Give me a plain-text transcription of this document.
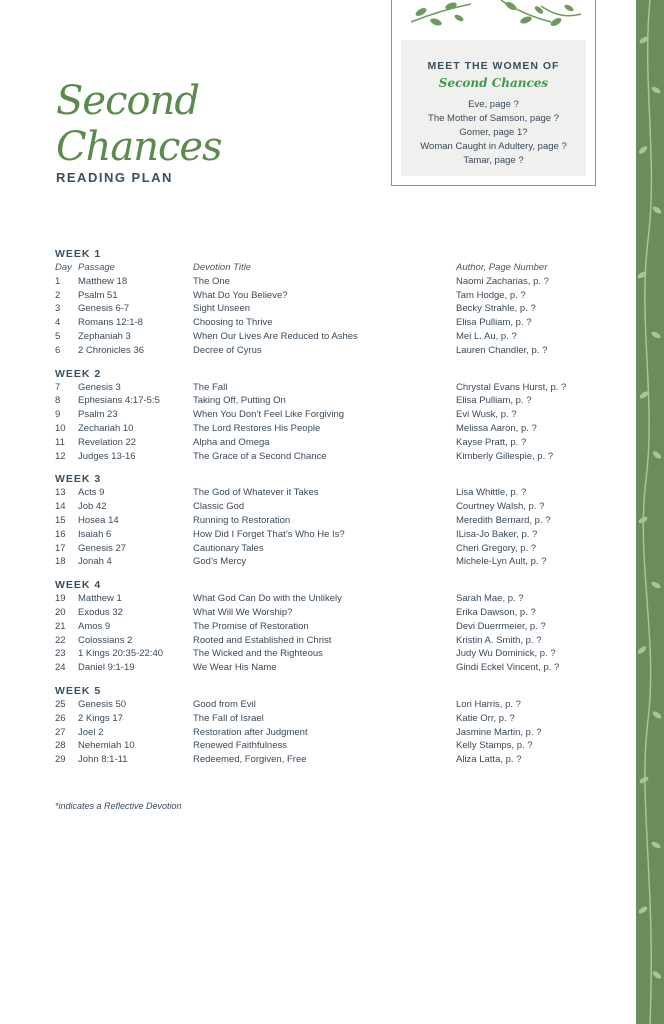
Second
Chances
READING PLAN
MEET THE WOMEN OF
Second Chances
Eve, page ?
The Mother of Samson, page ?
Gomer, page 1?
Woman Caught in Adultery, page ?
Tamar, page ?
WEEK 1
Day Passage	Devotion Title	Author, Page Number
1 Matthew 18	The One	Naomi Zacharias, p. ?
2 Psalm 51	What Do You Believe?	Tam Hodge, p. ?
3 Genesis 6-7	Sight Unseen	Becky Strahle, p. ?
4 Romans 12:1-8	Choosing to Thrive	Elisa Pulliam, p. ?
5 Zephaniah 3	When Our Lives Are Reduced to Ashes	Mei L. Au, p. ?
6 2 Chronicles 36	Decree of Cyrus	Lauren Chandler, p. ?
WEEK 2
7 Genesis 3	The Fall	Chrystal Evans Hurst, p. ?
8 Ephesians 4:17-5:5	Taking Off, Putting On	Elisa Pulliam, p. ?
9 Psalm 23	When You Don’t Feel Like Forgiving	Evi Wusk, p. ?
10 Zechariah 10	The Lord Restores His People	Melissa Aaron, p. ?
11 Revelation 22	Alpha and Omega	Kayse Pratt, p. ?
12 Judges 13-16	The Grace of a Second Chance	Kimberly Gillespie, p. ?
WEEK 3
13 Acts 9	The God of Whatever it Takes	Lisa Whittle, p. ?
14 Job 42	Classic God	Courtney Walsh, p. ?
15 Hosea 14	Running to Restoration	Meredith Bernard, p. ?
16 Isaiah 6	How Did I Forget That’s Who He Is?	ILisa-Jo Baker, p. ?
17 Genesis 27	Cautionary Tales	Cheri Gregory, p. ?
18 Jonah 4	God’s Mercy	Michele-Lyn Ault, p. ?
WEEK 4
19 Matthew 1	What God Can Do with the Unlikely	Sarah Mae, p. ?
20 Exodus 32	What Will We Worship?	Erika Dawson, p. ?
21 Amos 9	The Promise of Restoration	Devi Duerrmeier, p. ?
22 Colossians 2	Rooted and Established in Christ	Kristin A. Smith, p. ?
23 1 Kings 20:35-22:40	The Wicked and the Righteous	Judy Wu Dominick, p. ?
24 Daniel 9:1-19	We Wear His Name	Gindi Eckel Vincent, p. ?
WEEK 5
25 Genesis 50	Good from Evil	Lori Harris, p. ?
26 2 Kings 17	The Fall of Israel	Katie Orr, p. ?
27 Joel 2	Restoration after Judgment	Jasmine Martin, p. ?
28 Nehemiah 10	Renewed Faithfulness	Kelly Stamps, p. ?
29 John 8:1-11	Redeemed, Forgiven, Free	Aliza Latta, p. ?
*indicates a Reflective Devotion
